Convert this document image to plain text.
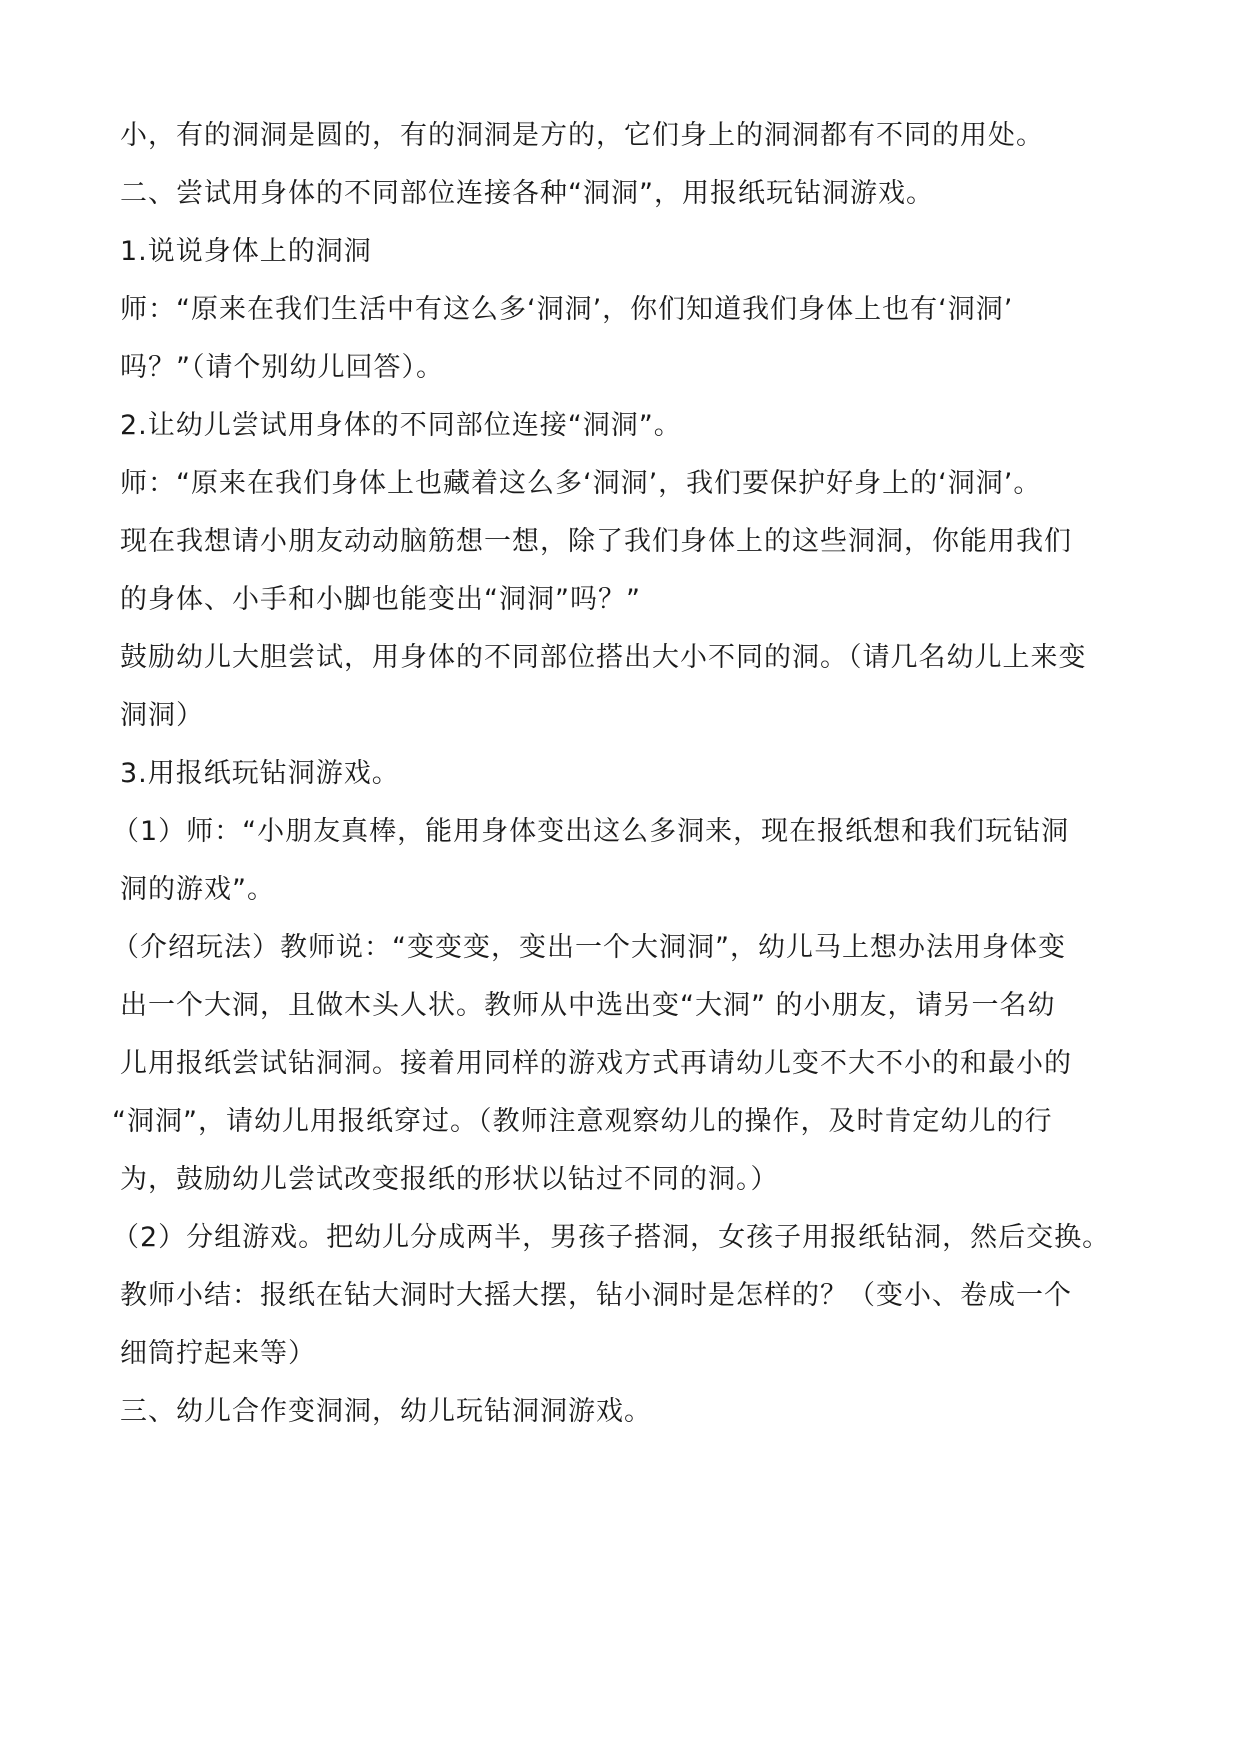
小，有的洞洞是圆的，有的洞洞是方的，它们身上的洞洞都有不同的用处。
二、尝试用身体的不同部位连接各种“洞洞”，用报纸玩钻洞游戏。
1.说说身体上的洞洞
师：“原来在我们生活中有这么多‘洞洞’，你们知道我们身体上也有‘洞洞’
吗？”（请个别幼儿回答）。
2.让幼儿尝试用身体的不同部位连接“洞洞”。
师：“原来在我们身体上也藏着这么多‘洞洞’，我们要保护好身上的‘洞洞’。
现在我想请小朋友动动脑筋想一想，除了我们身体上的这些洞洞，你能用我们
的身体、小手和小脚也能变出“洞洞”吗？”
鼓励幼儿大胆尝试，用身体的不同部位搭出大小不同的洞。（请几名幼儿上来变
洞洞）
3.用报纸玩钻洞游戏。
（1）师：“小朋友真棒，能用身体变出这么多洞来，现在报纸想和我们玩钻洞
洞的游戏”。
（介绍玩法）教师说：“变变变，变出一个大洞洞”，幼儿马上想办法用身体变
出一个大洞，且做木头人状。教师从中选出变“大洞” 的小朋友，请另一名幼
儿用报纸尝试钻洞洞。接着用同样的游戏方式再请幼儿变不大不小的和最小的
“洞洞”，请幼儿用报纸穿过。（教师注意观察幼儿的操作，及时肯定幼儿的行
为，鼓励幼儿尝试改变报纸的形状以钻过不同的洞。）
（2）分组游戏。把幼儿分成两半，男孩子搭洞，女孩子用报纸钻洞，然后交换。
教师小结：报纸在钻大洞时大摇大摆，钻小洞时是怎样的？（变小、卷成一个
细筒拧起来等）
三、幼儿合作变洞洞，幼儿玩钻洞洞游戏。
